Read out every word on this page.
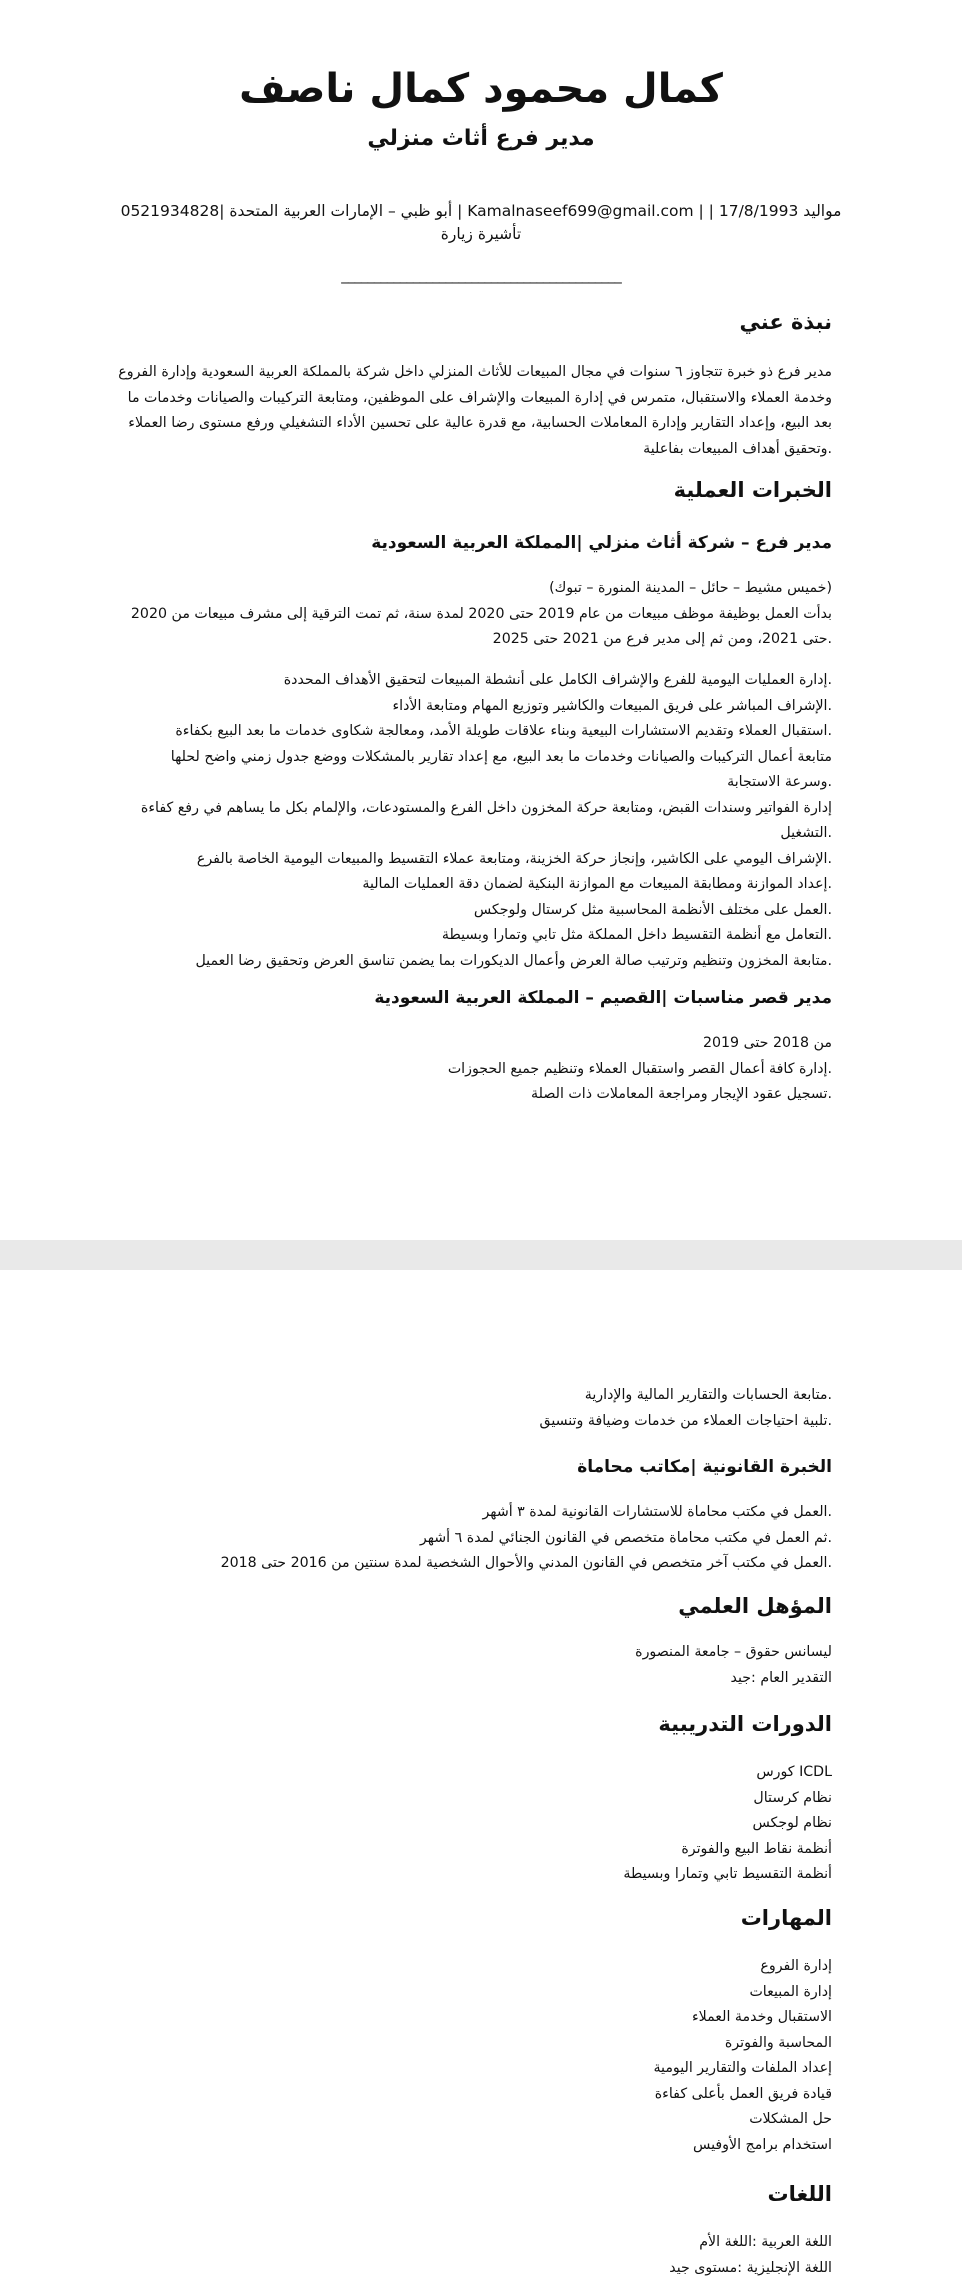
كمال محمود كمال ناصف
مدير فرع أثاث منزلي
مواليد 17/8/1993 | | Kamalnaseef699@gmail.com | أبو ظبي – الإمارات العربية المتحدة |0521934828
تأشيرة زيارة
___________________________________________
نبذة عني

مدير فرع ذو خبرة تتجاوز ٦ سنوات في مجال المبيعات للأثاث المنزلي داخل شركة بالمملكة العربية السعودية وإدارة الفروع

وخدمة العملاء والاستقبال، متمرس في إدارة المبيعات والإشراف على الموظفين، ومتابعة التركيبات والصيانات وخدمات ما

بعد البيع، وإعداد التقارير وإدارة المعاملات الحسابية، مع قدرة عالية على تحسين الأداء التشغيلي ورفع مستوى رضا العملاء

.وتحقيق أهداف المبيعات بفاعلية

الخبرات العملية
مدير فرع – شركة أثاث منزلي |المملكة العربية السعودية

(خميس مشيط – حائل – المدينة المنورة – تبوك)

بدأت العمل بوظيفة موظف مبيعات من عام 2019 حتى 2020 لمدة سنة، ثم تمت الترقية إلى مشرف مبيعات من 2020

.حتى 2021، ومن ثم إلى مدير فرع من 2021 حتى 2025

.إدارة العمليات اليومية للفرع والإشراف الكامل على أنشطة المبيعات لتحقيق الأهداف المحددة
.الإشراف المباشر على فريق المبيعات والكاشير وتوزيع المهام ومتابعة الأداء
.استقبال العملاء وتقديم الاستشارات البيعية وبناء علاقات طويلة الأمد، ومعالجة شكاوى خدمات ما بعد البيع بكفاءة
متابعة أعمال التركيبات والصيانات وخدمات ما بعد البيع، مع إعداد تقارير بالمشكلات ووضع جدول زمني واضح لحلها
.وسرعة الاستجابة
إدارة الفواتير وسندات القبض، ومتابعة حركة المخزون داخل الفرع والمستودعات، والإلمام بكل ما يساهم في رفع كفاءة
.التشغيل
.الإشراف اليومي على الكاشير، وإنجاز حركة الخزينة، ومتابعة عملاء التقسيط والمبيعات اليومية الخاصة بالفرع
.إعداد الموازنة ومطابقة المبيعات مع الموازنة البنكية لضمان دقة العمليات المالية
.العمل على مختلف الأنظمة المحاسبية مثل كرستال ولوجكس
.التعامل مع أنظمة التقسيط داخل المملكة مثل تابي وتمارا وبسيطة
.متابعة المخزون وتنظيم وترتيب صالة العرض وأعمال الديكورات بما يضمن تناسق العرض وتحقيق رضا العميل
مدير قصر مناسبات |القصيم – المملكة العربية السعودية
من 2018 حتى 2019
.إدارة كافة أعمال القصر واستقبال العملاء وتنظيم جميع الحجوزات
.تسجيل عقود الإيجار ومراجعة المعاملات ذات الصلة
.متابعة الحسابات والتقارير المالية والإدارية
.تلبية احتياجات العملاء من خدمات وضيافة وتنسيق
الخبرة القانونية |مكاتب محاماة
.العمل في مكتب محاماة للاستشارات القانونية لمدة ٣ أشهر
.ثم العمل في مكتب محاماة متخصص في القانون الجنائي لمدة ٦ أشهر
.العمل في مكتب آخر متخصص في القانون المدني والأحوال الشخصية لمدة سنتين من 2016 حتى 2018
المؤهل العلمي
ليسانس حقوق – جامعة المنصورة
التقدير العام :جيد
الدورات التدريبية
ICDL كورس
نظام كرستال
نظام لوجكس
أنظمة نقاط البيع والفوترة
أنظمة التقسيط تابي وتمارا وبسيطة
المهارات
إدارة الفروع
إدارة المبيعات
الاستقبال وخدمة العملاء
المحاسبة والفوترة
إعداد الملفات والتقارير اليومية
قيادة فريق العمل بأعلى كفاءة
حل المشكلات
استخدام برامج الأوفيس
اللغات
اللغة العربية :اللغة الأم
اللغة الإنجليزية :مستوى جيد
